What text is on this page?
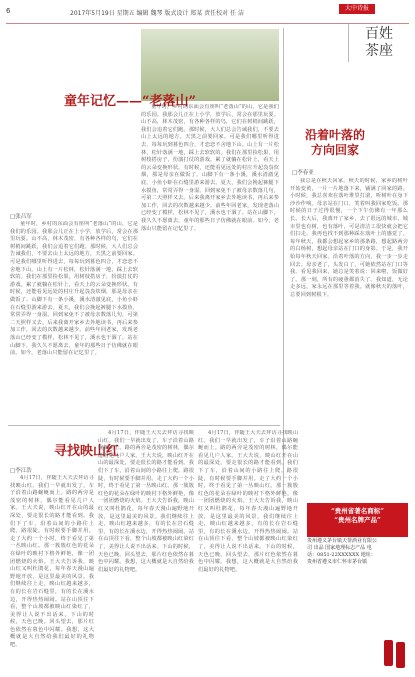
6	2017年5月19日 星期五 编辑 魏琴 版式设计 郑某 责任校对 任 洁
大中诗报
百姓
茶座
童年记忆——“老落山”
□张吕军

童年时，乡村的东面会有座叫“老落山”的山，它是我们的乐园。我那会儿正在上小学，放学后，常会在那里玩耍。山不高，林木茂密，有各种各样的鸟，它们在树梢间跳跃，我们会追着它们跑。那时候，大人们总会告诫我们，不要去山上太远的地方，天黑之前要回家。可是我们哪里听得进去，每每玩到暮色四合，才恋恋不舍地下山。山上有一片松林，松针落满一地，踩上去软软的。我们在那里捡松果，用树枝搭房子，扮演打仗的游戏。累了就躺在松针上，看天上的云朵变换形状。有时候，还能看见远处的村庄升起袅袅炊烟，那是母亲在做饭了。山脚下有一条小溪，溪水清澈见底，小鱼小虾在石缝里游来游去。夏天，我们会挽起裤腿下水摸鱼，常常弄得一身湿。回到家免不了被母亲数落几句，可第二天照样又去。后来我离开家乡去外地读书，再后来参加工作，回去的次数越来越少。前些年回老家，发现老落山已经变了模样，松林不见了，溪水也干涸了。站在山脚下，我久久不愿离去，童年的那些日子仿佛就在眼前。如今，老落山只能留在记忆里了。

童年时，乡村的东面会有座叫“老落山”的山，它是我们的乐园。我那会儿正在上小学，放学后，常会在那里玩耍。山不高，林木茂密，有各种各样的鸟，它们在树梢间跳跃，我们会追着它们跑。那时候，大人们总会告诫我们，不要去山上太远的地方，天黑之前要回家。可是我们哪里听得进去，每每玩到暮色四合，才恋恋不舍地下山。山上有一片松林，松针落满一地，踩上去软软的。我们在那里捡松果，用树枝搭房子，扮演打仗的游戏。累了就躺在松针上，看天上的云朵变换形状。有时候，还能看见远处的村庄升起袅袅炊烟，那是母亲在做饭了。山脚下有一条小溪，溪水清澈见底，小鱼小虾在石缝里游来游去。夏天，我们会挽起裤腿下水摸鱼，常常弄得一身湿。回到家免不了被母亲数落几句，可第二天照样又去。后来我离开家乡去外地读书，再后来参加工作，回去的次数越来越少。前些年回老家，发现老落山已经变了模样，松林不见了，溪水也干涸了。站在山脚下，我久久不愿离去，童年的那些日子仿佛就在眼前。如今，老落山只能留在记忆里了。

沿着叶落的
方向回家
□李春亚

我总是在秋天回家。秋天的时候，家乡的树叶开始变黄，一片一片地落下来，铺满了回家的路。小时候，我总喜欢在落叶堆里打滚，听树叶在身下沙沙作响。母亲站在门口，笑着叫我回家吃饭。那时候的日子过得很慢，一个下午仿佛有一年那么长。长大后，我离开了家乡，去了很远的城市。城市里也有树，也有落叶，可是清洁工很快就会把它们扫走，我再也找不到那种踩在落叶上的感觉了。每年秋天，我都会想起家乡的那条路，想起路两旁的白杨树，想起母亲站在门口的身影。于是，我开始每年秋天回家。沿着叶落的方向，我一步一步走回去。母亲老了，头发白了，可她依然站在门口等我。看见我回来，她总是笑着说：回来啦，饭做好了。那一刻，所有的疲惫都消失了。我知道，无论走多远，家永远在那里等着我。就像秋天的落叶，总要回到树根下。

寻找映山红
□李江浩

4月17日，伴随王大夫去拜访寻找映山红。我们一早就出发了，车子沿着山路蜿蜒而上。路的两旁是茂密的树林，偶尔能看见几户人家。王大夫说，映山红开在山的最深处，要走很长的路才能看到。我们下了车，沿着山间的小路往上爬。路很陡，有时候要手脚并用。走了大约一个小时，终于看见了第一丛映山红。那一簇簇红色的花朵在绿叶的映衬下格外鲜艳，像一团团燃烧的火焰。王大夫告诉我，映山红又叫杜鹃花，每年春天漫山遍野地开放，是这里最美的风景。我们继续往上走，映山红越来越多，有的长在岩石缝里，有的长在溪水边，开得热热闹闹。站在山顶往下看，整个山坡都被映山红染红了，美得让人说不出话来。下山的时候，天色已晚。回头望去，那片红色依然在暮色中闪耀。我想，这大概就是大自然给我们最好的礼物吧。

4月17日，伴随王大夫去拜访寻找映山红。我们一早就出发了，车子沿着山路蜿蜒而上。路的两旁是茂密的树林，偶尔能看见几户人家。王大夫说，映山红开在山的最深处，要走很长的路才能看到。我们下了车，沿着山间的小路往上爬。路很陡，有时候要手脚并用。走了大约一个小时，终于看见了第一丛映山红。那一簇簇红色的花朵在绿叶的映衬下格外鲜艳，像一团团燃烧的火焰。王大夫告诉我，映山红又叫杜鹃花，每年春天漫山遍野地开放，是这里最美的风景。我们继续往上走，映山红越来越多，有的长在岩石缝里，有的长在溪水边，开得热热闹闹。站在山顶往下看，整个山坡都被映山红染红了，美得让人说不出话来。下山的时候，天色已晚。回头望去，那片红色依然在暮色中闪耀。我想，这大概就是大自然给我们最好的礼物吧。

4月17日，伴随王大夫去拜访寻找映山红。我们一早就出发了，车子沿着山路蜿蜒而上。路的两旁是茂密的树林，偶尔能看见几户人家。王大夫说，映山红开在山的最深处，要走很长的路才能看到。我们下了车，沿着山间的小路往上爬。路很陡，有时候要手脚并用。走了大约一个小时，终于看见了第一丛映山红。那一簇簇红色的花朵在绿叶的映衬下格外鲜艳，像一团团燃烧的火焰。王大夫告诉我，映山红又叫杜鹃花，每年春天漫山遍野地开放，是这里最美的风景。我们继续往上走，映山红越来越多，有的长在岩石缝里，有的长在溪水边，开得热热闹闹。站在山顶往下看，整个山坡都被映山红染红了，美得让人说不出话来。下山的时候，天色已晚。回头望去，那片红色依然在暮色中闪耀。我想，这大概就是大自然给我们最好的礼物吧。

“贵州省著名商标”
“贵州名牌产品”
贵州遵义茅台镇天帮酒业有限公司 出品 国家地理标志产品 电话：0851-22XXXXXX 地址：贵州省遵义市仁怀市茅台镇
